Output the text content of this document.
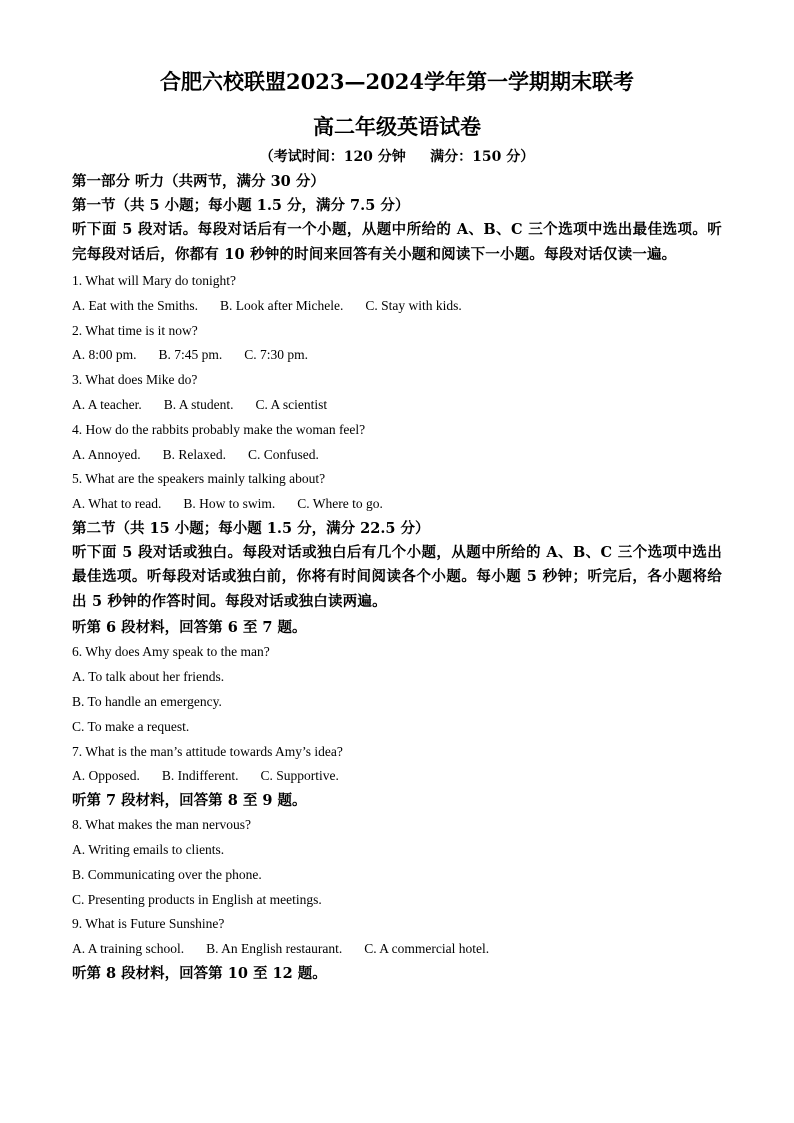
合肥六校联盟2023—2024学年第一学期期末联考
高二年级英语试卷
（考试时间：120 分钟     满分：150 分）
第一部分 听力（共两节，满分 30 分）
第一节（共 5 小题；每小题 1.5 分，满分 7.5 分）
听下面 5 段对话。每段对话后有一个小题，从题中所给的 A、B、C 三个选项中选出最佳选项。听完每段对话后，你都有 10 秒钟的时间来回答有关小题和阅读下一小题。每段对话仅读一遍。
1. What will Mary do tonight?
A. Eat with the Smiths. B. Look after Michele. C. Stay with kids.
2. What time is it now?
A. 8:00 pm. B. 7:45 pm. C. 7:30 pm.
3. What does Mike do?
A. A teacher. B. A student. C. A scientist
4. How do the rabbits probably make the woman feel?
A. Annoyed. B. Relaxed. C. Confused.
5. What are the speakers mainly talking about?
A. What to read. B. How to swim. C. Where to go.
第二节（共 15 小题；每小题 1.5 分，满分 22.5 分）
听下面 5 段对话或独白。每段对话或独白后有几个小题，从题中所给的 A、B、C 三个选项中选出最佳选项。听每段对话或独白前，你将有时间阅读各个小题。每小题 5 秒钟；听完后，各小题将给出 5 秒钟的作答时间。每段对话或独白读两遍。
听第 6 段材料，回答第 6 至 7 题。
6. Why does Amy speak to the man?
A. To talk about her friends.
B. To handle an emergency.
C. To make a request.
7. What is the man’s attitude towards Amy’s idea?
A. Opposed. B. Indifferent. C. Supportive.
听第 7 段材料，回答第 8 至 9 题。
8. What makes the man nervous?
A. Writing emails to clients.
B. Communicating over the phone.
C. Presenting products in English at meetings.
9. What is Future Sunshine?
A. A training school. B. An English restaurant. C. A commercial hotel.
听第 8 段材料，回答第 10 至 12 题。
